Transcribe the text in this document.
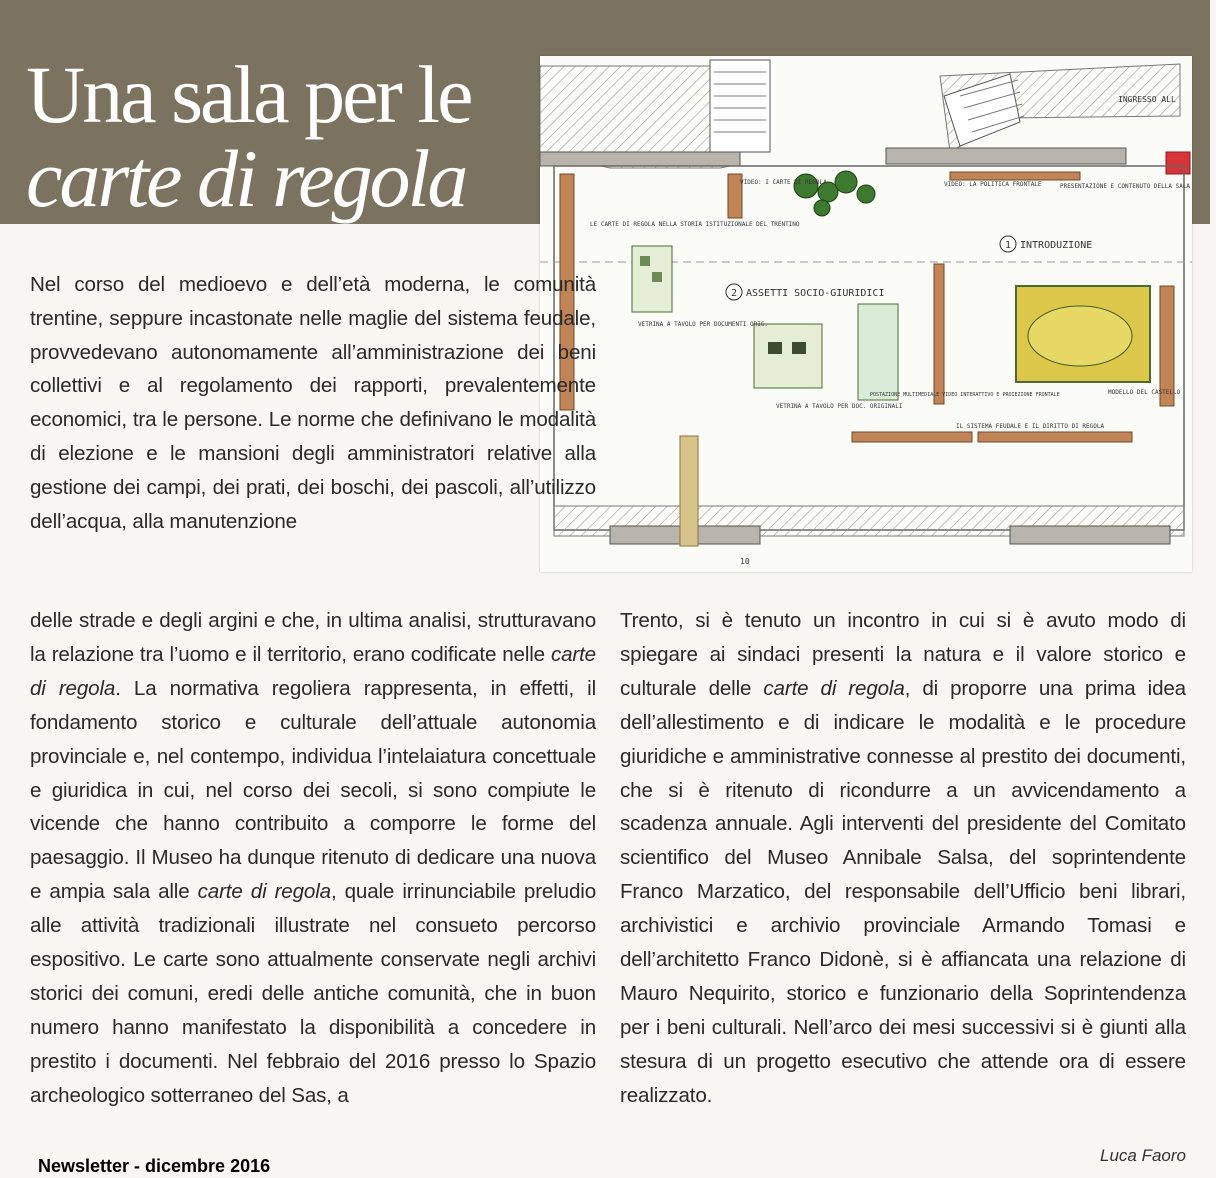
Una sala per le
carte di regola
1
2
INGRESSO ALL
VIDEO: I CARTE DI REGOLA	VIDEO: LA POLITICA FRONTALE	PRESENTAZIONE E CONTENUTO DELLA SALA
LE CARTE DI REGOLA NELLA STORIA ISTITUZIONALE DEL TRENTINO
INTRODUZIONE
ASSETTI SOCIO-GIURIDICI
VETRINA A TAVOLO PER DOCUMENTI ORIG.
VETRINA A TAVOLO PER DOC. ORIGINALI
POSTAZIONE MULTIMEDIALE VIDEO INTERATTIVO E PROIEZIONE FRONTALE	MODELLO DEL CASTELLO
IL SISTEMA FEUDALE E IL DIRITTO DI REGOLA
10

Nel corso del medioevo e dell’età moderna, le comunità trentine, seppure incastonate nelle maglie del sistema feudale, provvedevano autonomamente all’amministrazione dei beni collettivi e al regolamento dei rapporti, prevalentemente economici, tra le persone. Le norme che definivano le modalità di elezione e le mansioni degli amministratori relative alla gestione dei campi, dei prati, dei boschi, dei pascoli, all’utilizzo dell’acqua, alla manutenzione

delle strade e degli argini e che, in ultima analisi, strutturavano la relazione tra l’uomo e il territorio, erano codificate nelle carte di regola. La normativa regoliera rappresenta, in effetti, il fondamento storico e culturale dell’attuale autonomia provinciale e, nel contempo, individua l’intelaiatura concettuale e giuridica in cui, nel corso dei secoli, si sono compiute le vicende che hanno contribuito a comporre le forme del paesaggio. Il Museo ha dunque ritenuto di dedicare una nuova e ampia sala alle carte di regola, quale irrinunciabile preludio alle attività tradizionali illustrate nel consueto percorso espositivo. Le carte sono attualmente conservate negli archivi storici dei comuni, eredi delle antiche comunità, che in buon numero hanno manifestato la disponibilità a concedere in prestito i documenti. Nel febbraio del 2016 presso lo Spazio archeologico sotterraneo del Sas, a

Trento, si è tenuto un incontro in cui si è avuto modo di spiegare ai sindaci presenti la natura e il valore storico e culturale delle carte di regola, di proporre una prima idea dell’allestimento e di indicare le modalità e le procedure giuridiche e amministrative connesse al prestito dei documenti, che si è ritenuto di ricondurre a un avvicendamento a scadenza annuale. Agli interventi del presidente del Comitato scientifico del Museo Annibale Salsa, del soprintendente Franco Marzatico, del responsabile dell’Ufficio beni librari, archivistici e archivio provinciale Armando Tomasi e dell’architetto Franco Didonè, si è affiancata una relazione di Mauro Nequirito, storico e funzionario della Soprintendenza per i beni culturali. Nell’arco dei mesi successivi si è giunti alla stesura di un progetto esecutivo che attende ora di essere realizzato.

Luca Faoro
Newsletter - dicembre 2016
